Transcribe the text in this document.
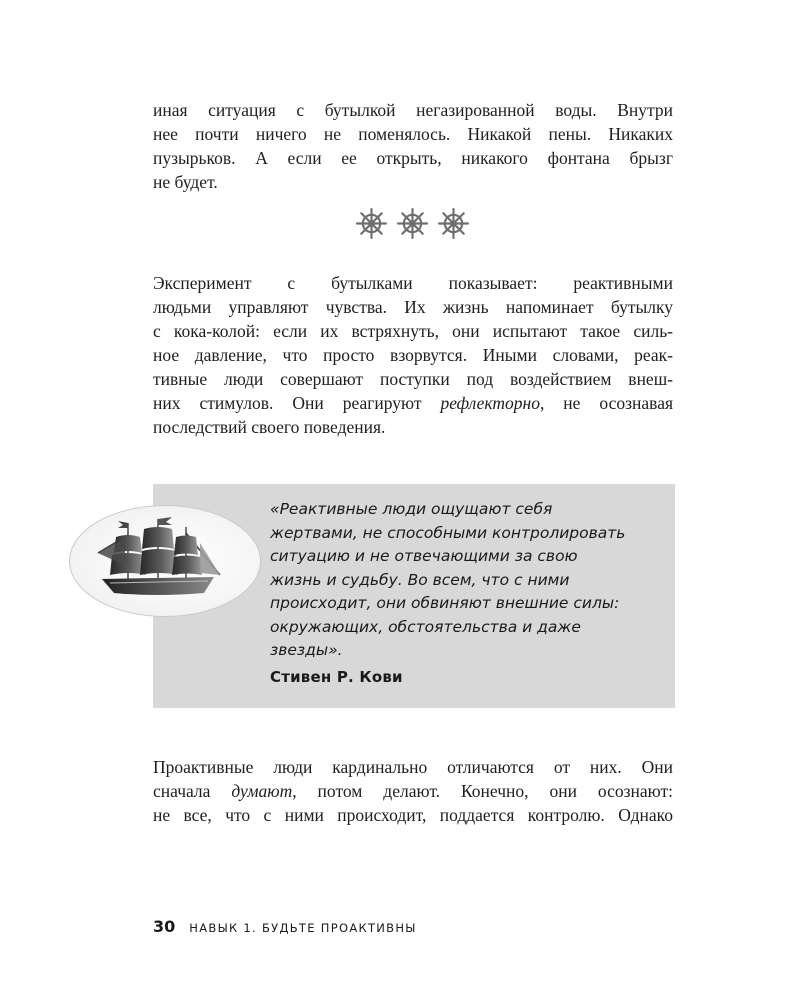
иная ситуация с бутылкой негазированной воды. Внутри
нее почти ничего не поменялось. Никакой пены. Никаких
пузырьков. А если ее открыть, никакого фонтана брызг
не будет.
Эксперимент с бутылками показывает: реактивными
людьми управляют чувства. Их жизнь напоминает бутылку
с кока-колой: если их встряхнуть, они испытают такое силь-
ное давление, что просто взорвутся. Иными словами, реак-
тивные люди совершают поступки под воздействием внеш-
них стимулов. Они реагируют рефлекторно, не осознавая
последствий своего поведения.
«Реактивные люди ощущают себя
жертвами, не способными контролировать
ситуацию и не отвечающими за свою
жизнь и судьбу. Во всем, что с ними
происходит, они обвиняют внешние силы:
окружающих, обстоятельства и даже
звезды».
Стивен Р. Кови
Проактивные люди кардинально отличаются от них. Они
сначала думают, потом делают. Конечно, они осознают:
не все, что с ними происходит, поддается контролю. Однако
30 НАВЫК 1. БУДЬТЕ ПРОАКТИВНЫ
